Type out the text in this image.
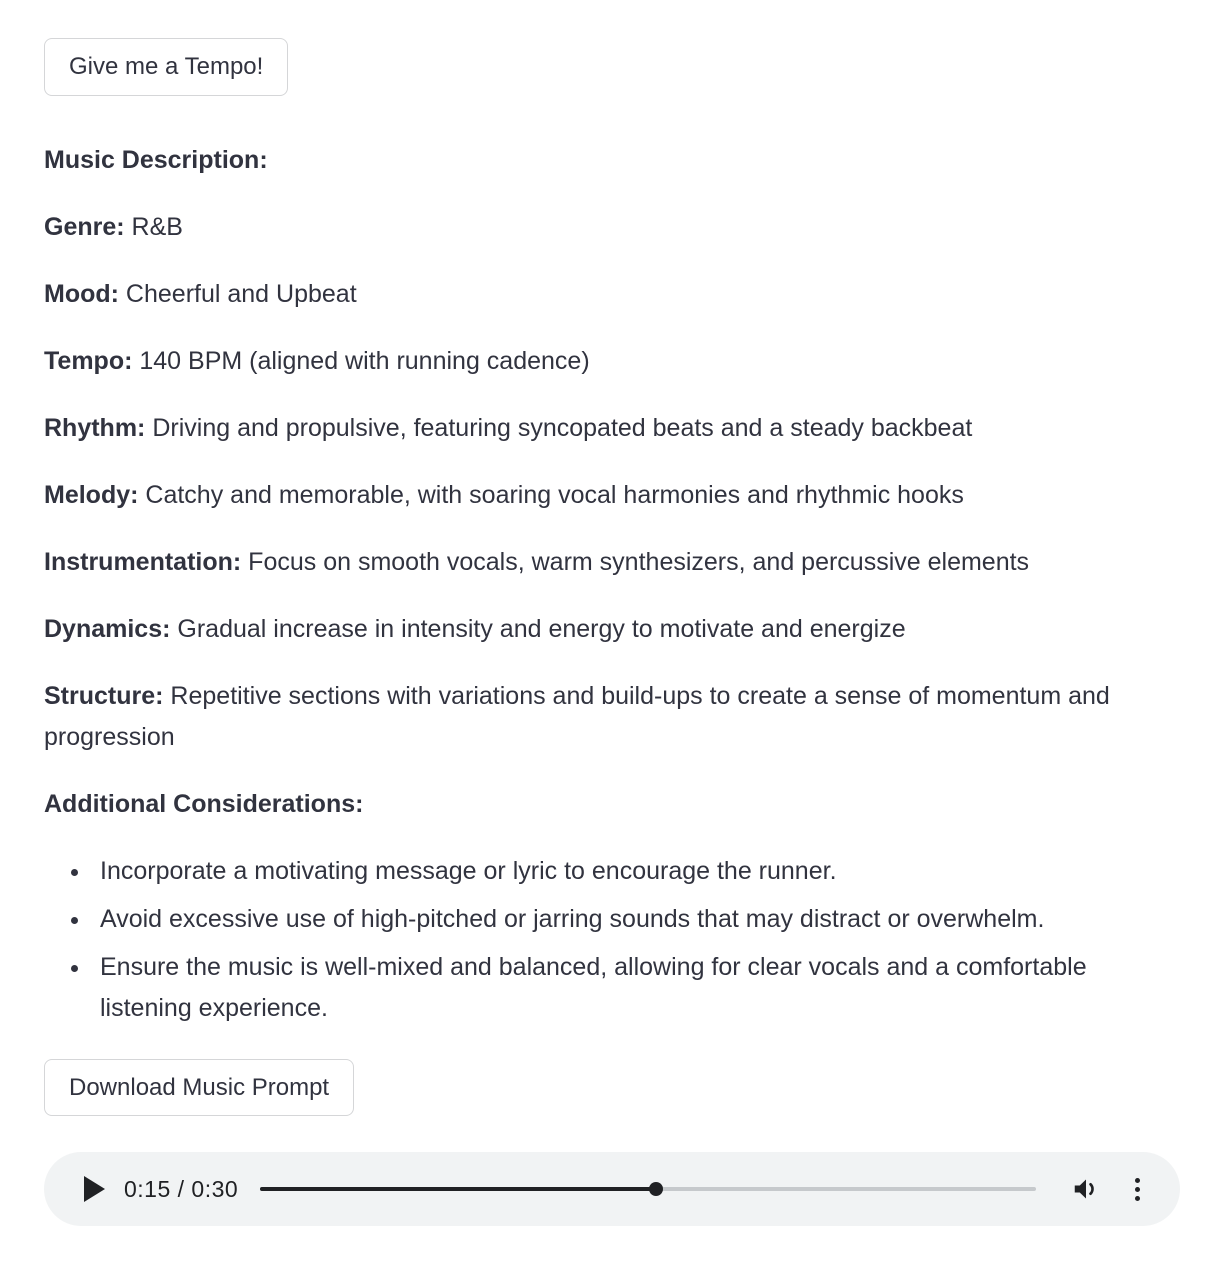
Give me a Tempo!

Music Description:

Genre: R&B

Mood: Cheerful and Upbeat

Tempo: 140 BPM (aligned with running cadence)

Rhythm: Driving and propulsive, featuring syncopated beats and a steady backbeat

Melody: Catchy and memorable, with soaring vocal harmonies and rhythmic hooks

Instrumentation: Focus on smooth vocals, warm synthesizers, and percussive elements

Dynamics: Gradual increase in intensity and energy to motivate and energize

Structure: Repetitive sections with variations and build-ups to create a sense of momentum and progression

Additional Considerations:

• Incorporate a motivating message or lyric to encourage the runner.
• Avoid excessive use of high-pitched or jarring sounds that may distract or overwhelm.
• Ensure the music is well-mixed and balanced, allowing for clear vocals and a comfortable listening experience.
Download Music Prompt
0:15 / 0:30
